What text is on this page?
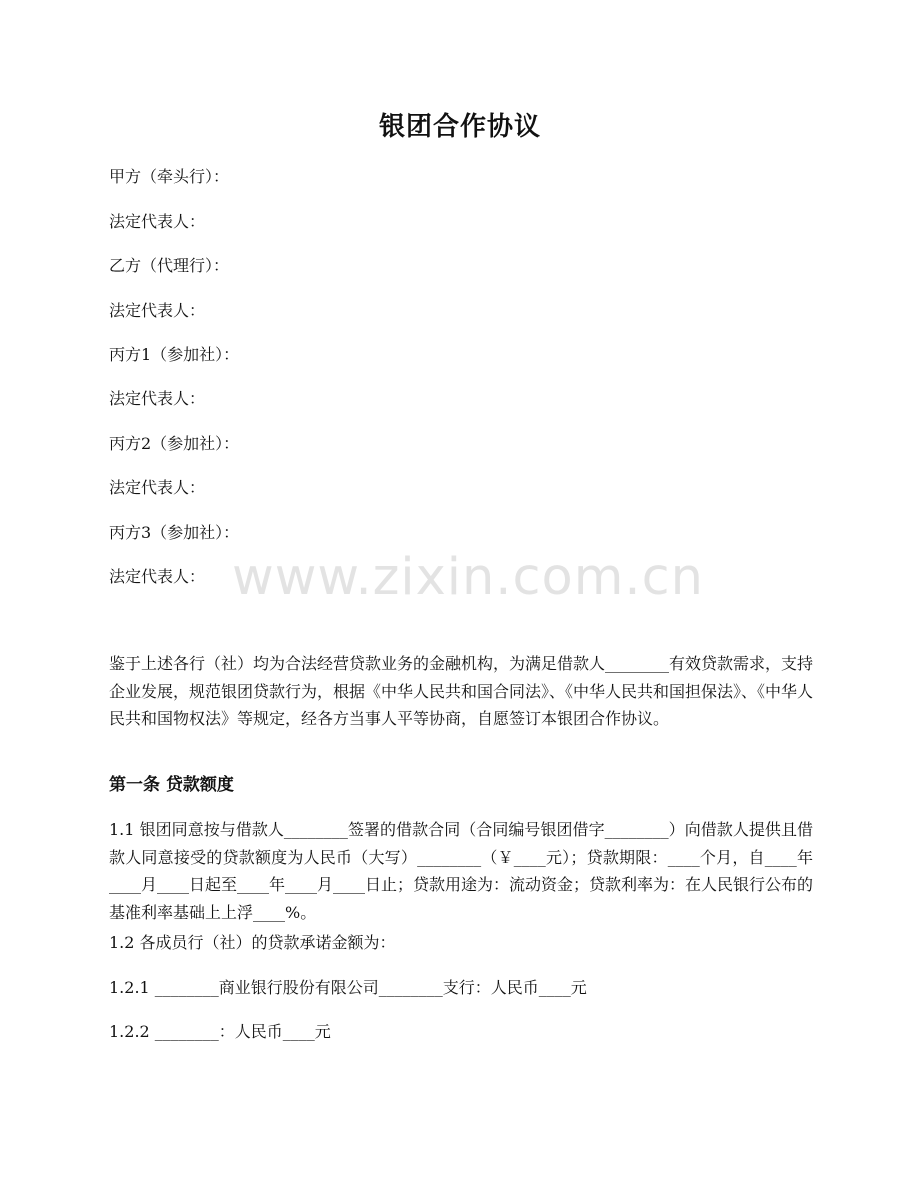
银团合作协议
甲方（牵头行）：
法定代表人：
乙方（代理行）：
法定代表人：
丙方1（参加社）：
法定代表人：
丙方2（参加社）：
法定代表人：
丙方3（参加社）：
法定代表人： www.zixin.com.cn
鉴于上述各行（社）均为合法经营贷款业务的金融机构，为满足借款人________有效贷款需求，支持企业发展，规范银团贷款行为，根据《中华人民共和国合同法》、《中华人民共和国担保法》、《中华人民共和国物权法》等规定，经各方当事人平等协商，自愿签订本银团合作协议。
第一条 贷款额度
1.1 银团同意按与借款人________签署的借款合同（合同编号银团借字________）向借款人提供且借款人同意接受的贷款额度为人民币（大写）________（￥____元）；贷款期限：____个月，自____年____月____日起至____年____月____日止；贷款用途为：流动资金；贷款利率为：在人民银行公布的基准利率基础上上浮____%。
1.2 各成员行（社）的贷款承诺金额为：
1.2.1 ________商业银行股份有限公司________支行：人民币____元
1.2.2 ________：人民币____元
